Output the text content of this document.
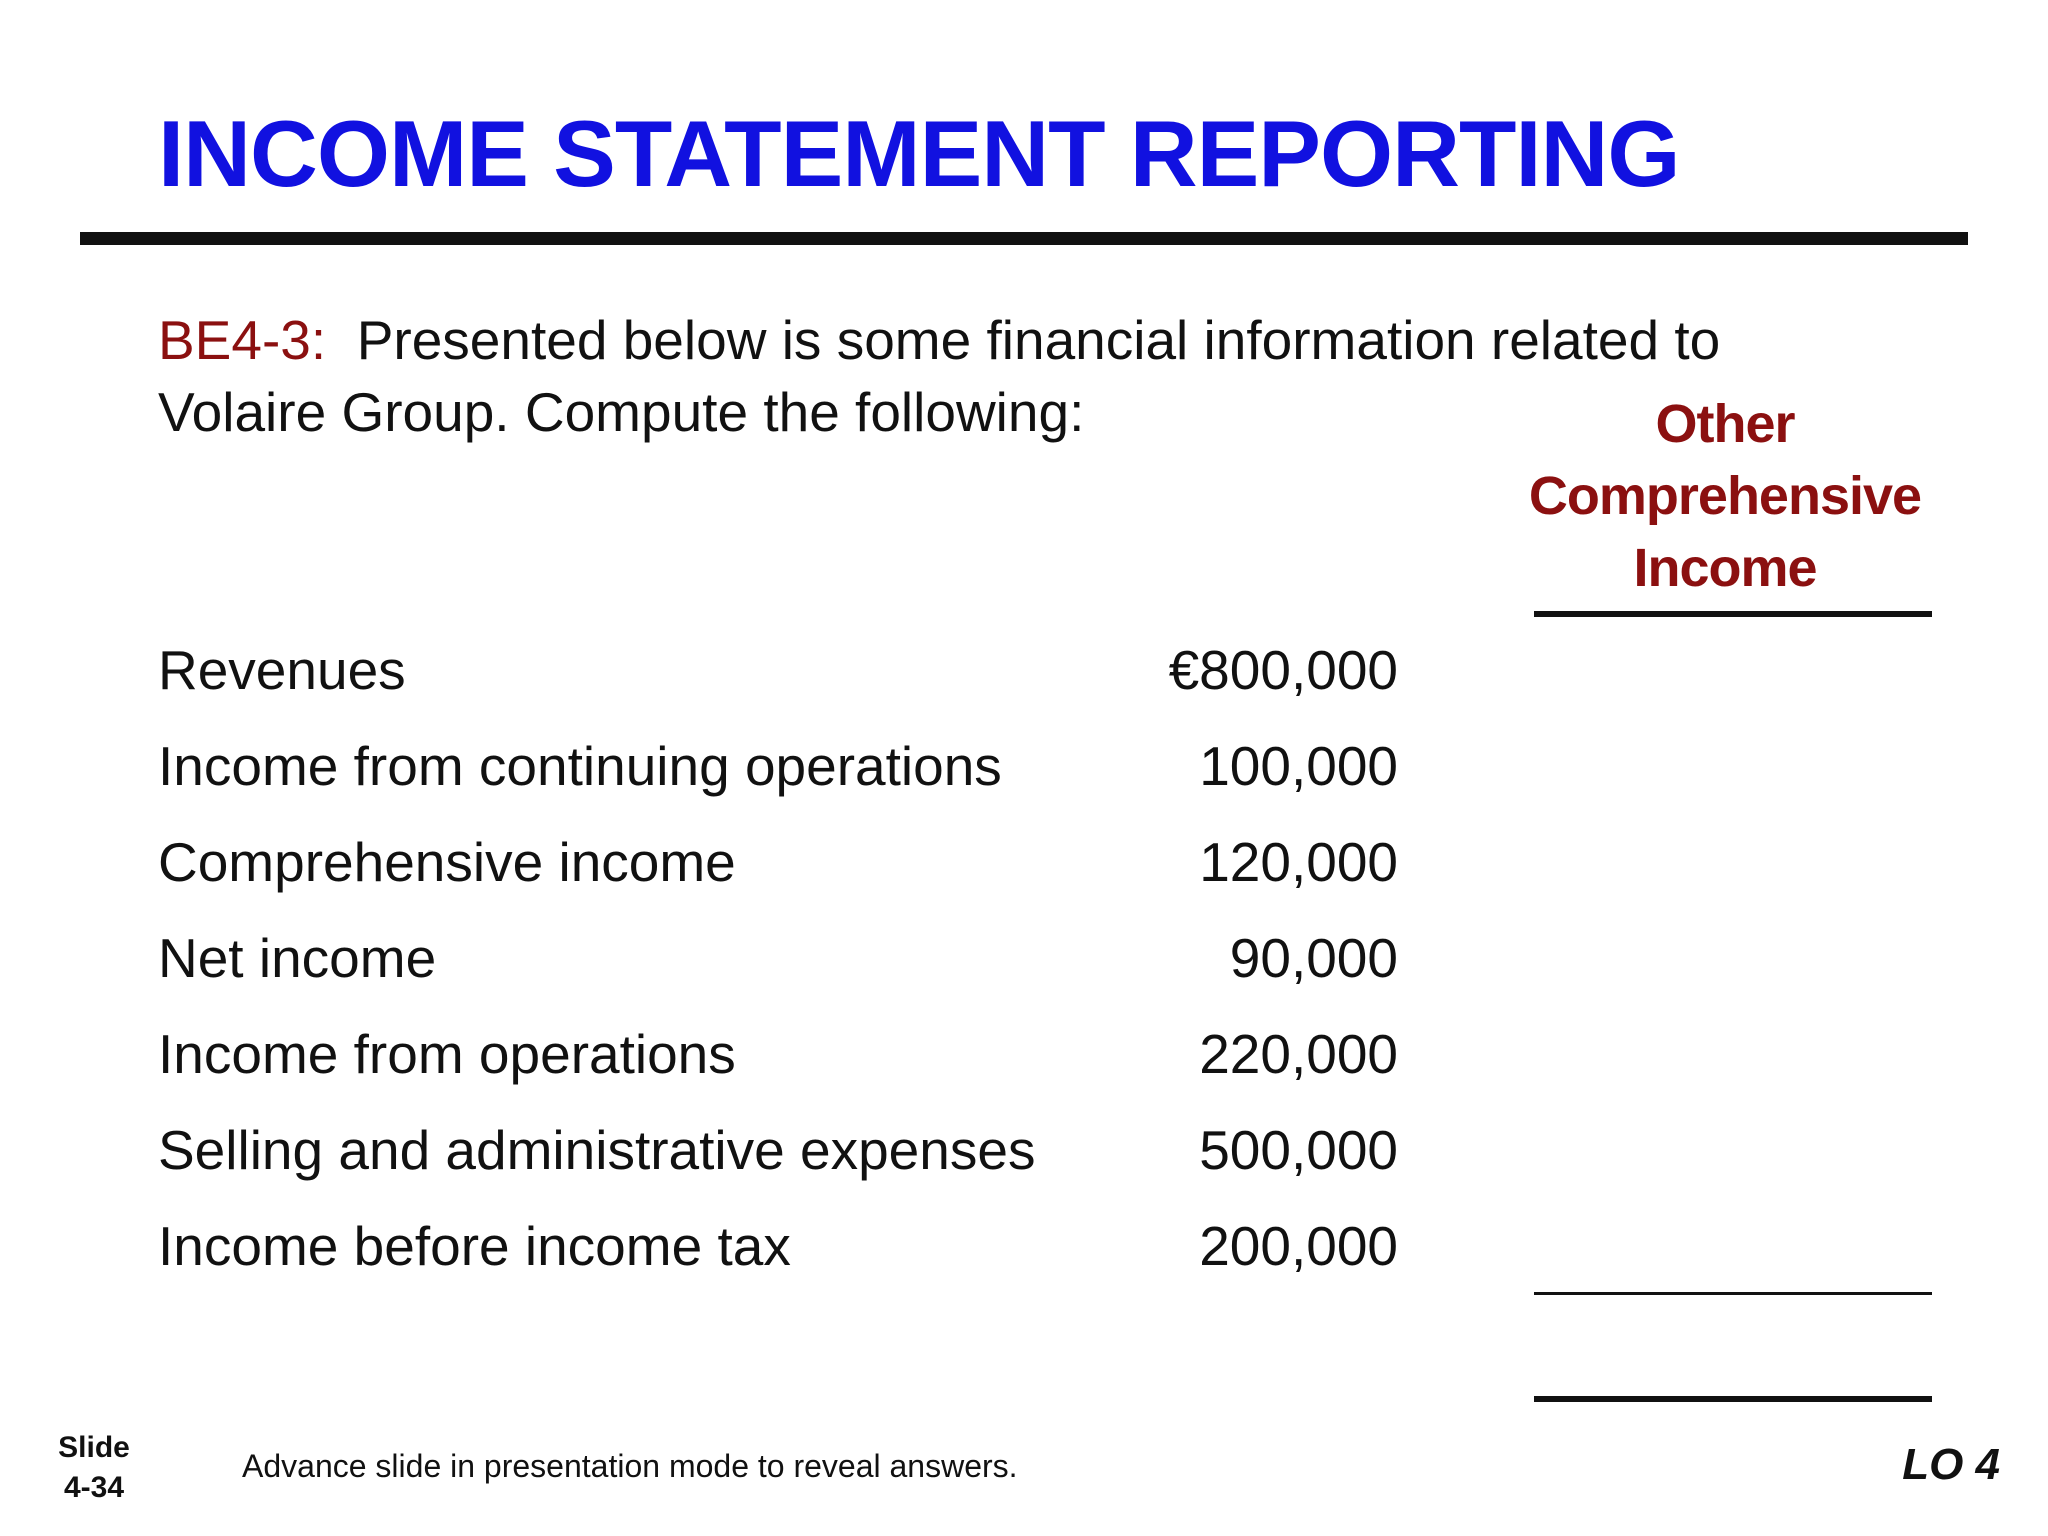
INCOME STATEMENT REPORTING
BE4-3: Presented below is some financial information related to Volaire Group. Compute the following:	Other
Comprehensive
Income
Revenues	€800,000
Income from continuing operations	100,000
Comprehensive income	120,000
Net income	90,000
Income from operations	220,000
Selling and administrative expenses	500,000
Income before income tax	200,000
Slide
4-34
Advance slide in presentation mode to reveal answers.	LO 4
